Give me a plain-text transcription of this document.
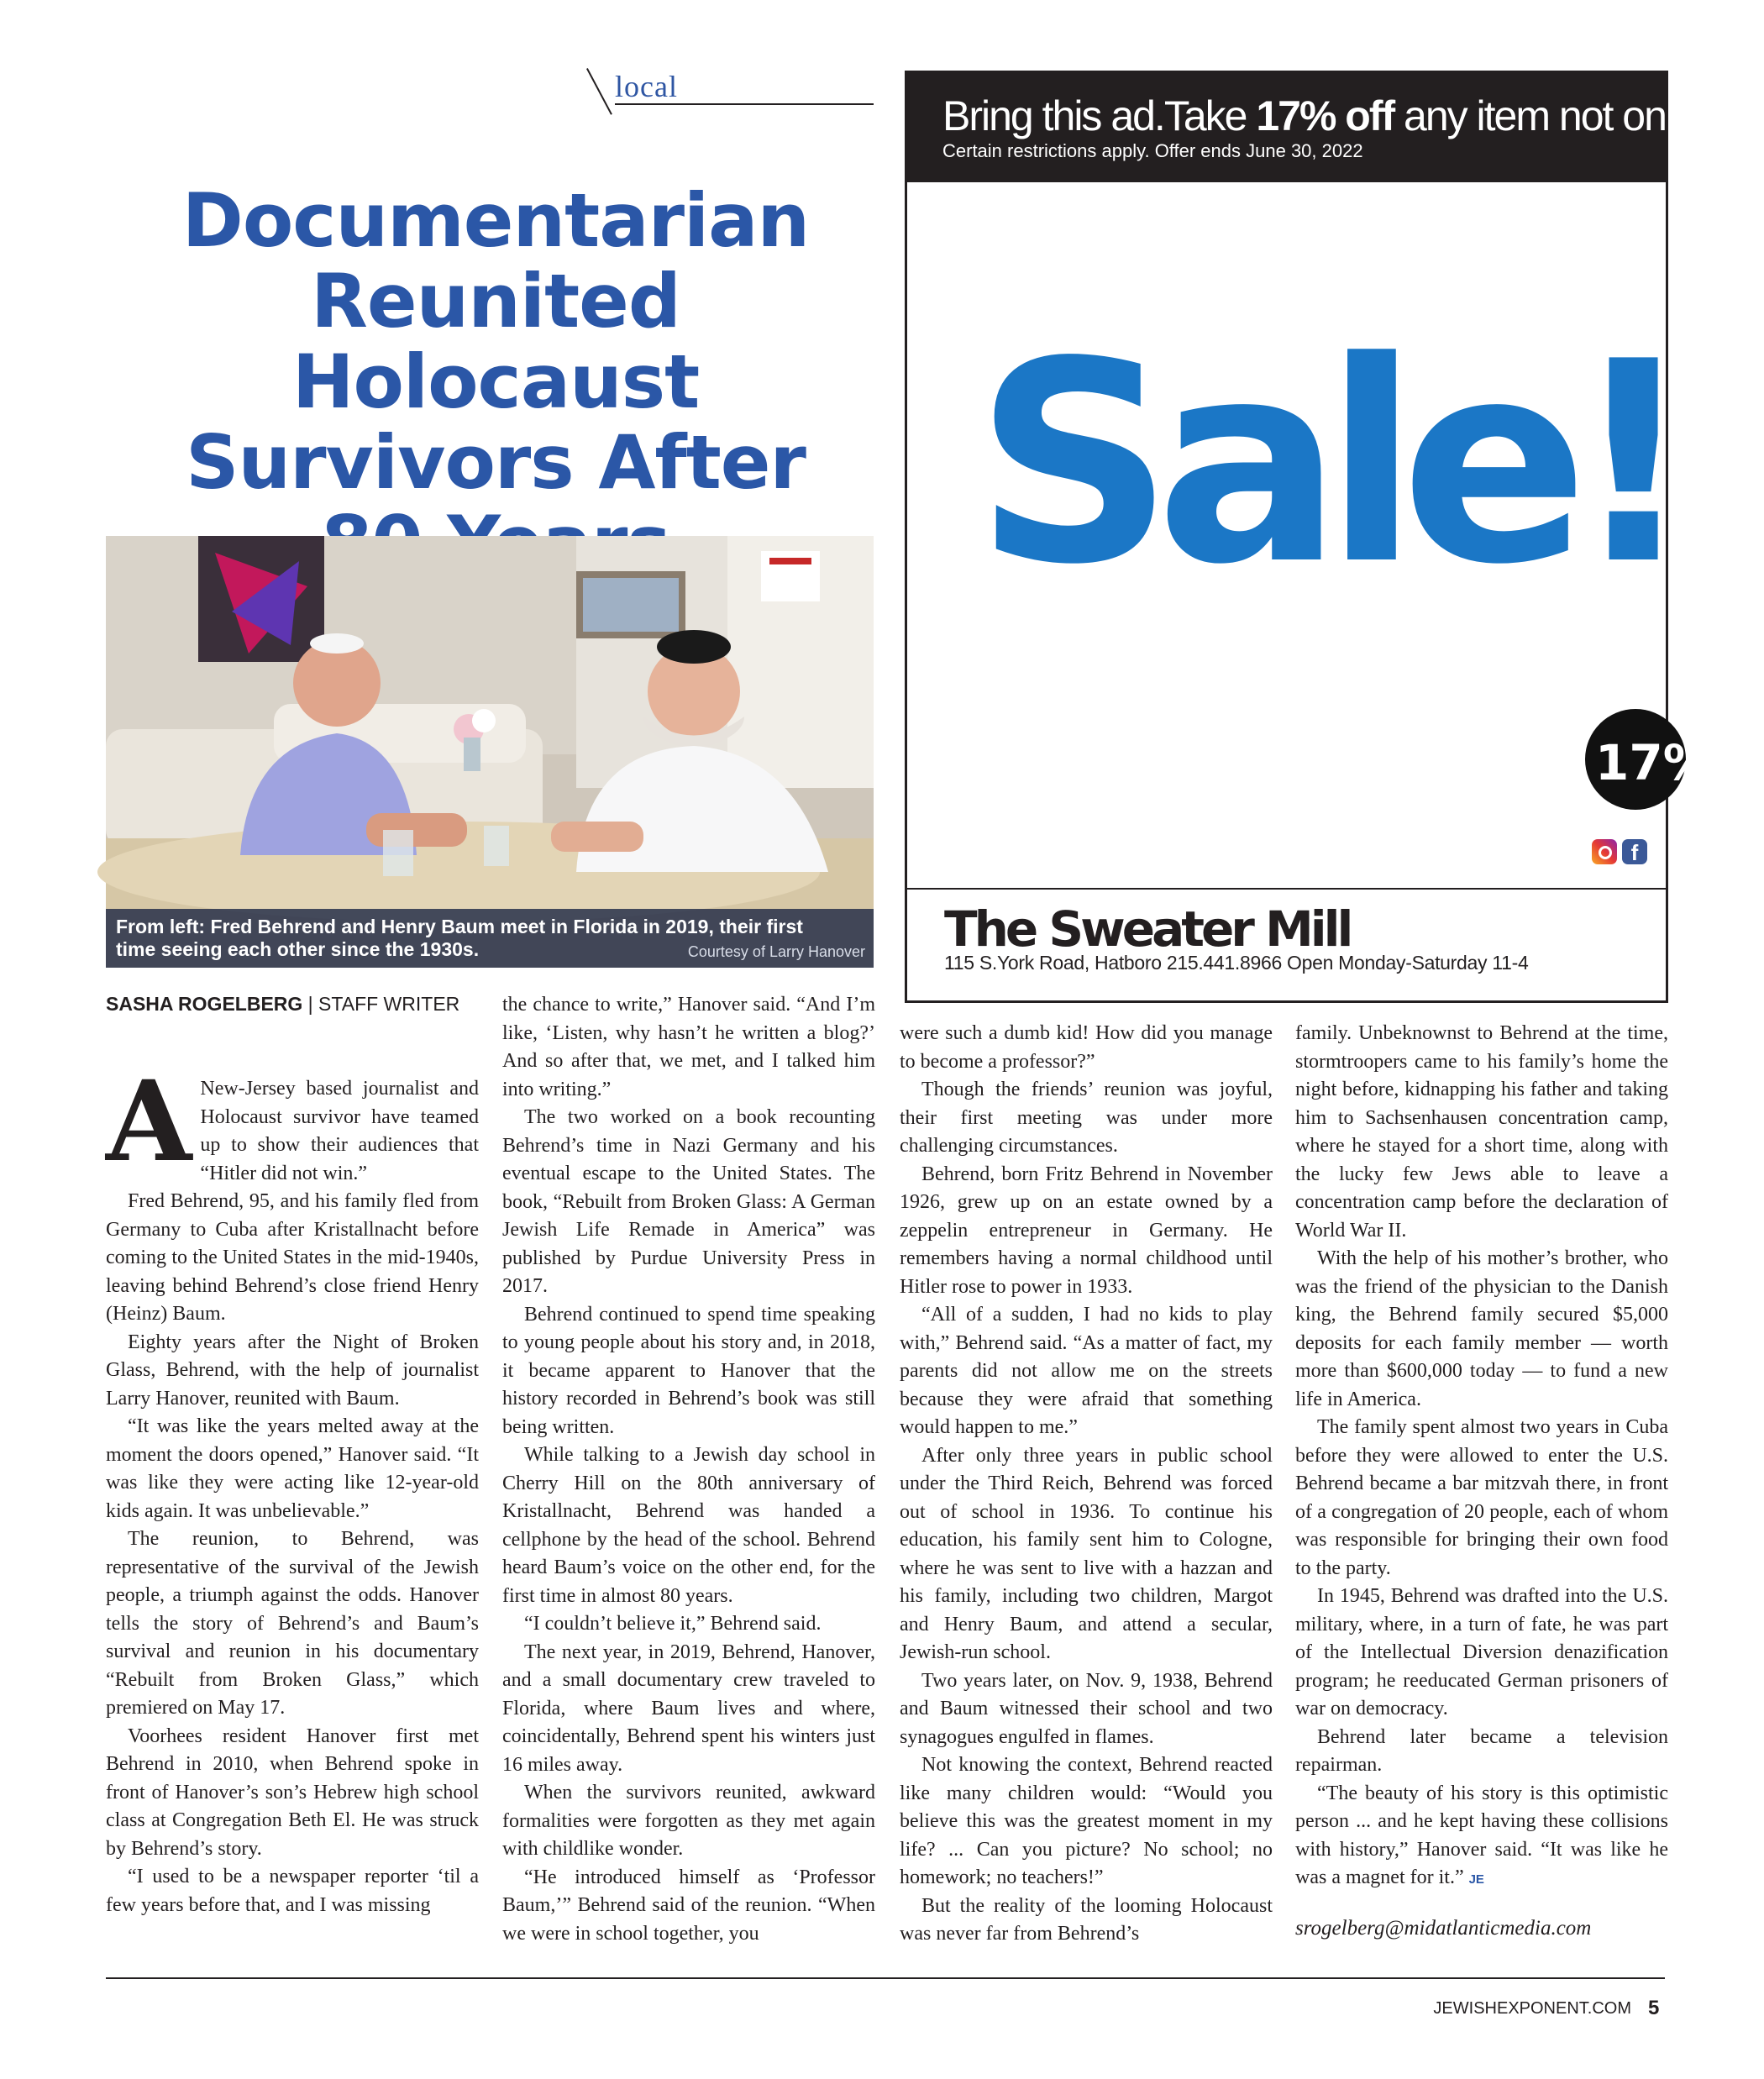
local
Documentarian
Reunited Holocaust
Survivors After
From left: Fred Behrend and Henry Baum meet in Florida in 2019, their first time seeing each other since the 1930s.	Courtesy of Larry Hanover
SASHA ROGELBERG | STAFF WRITER

A New-Jersey based journalist and Holocaust survivor have teamed up to show their audiences that “Hitler did not win.”

Fred Behrend, 95, and his family fled from Germany to Cuba after Kristallnacht before coming to the United States in the mid-1940s, leaving behind Behrend’s close friend Henry (Heinz) Baum.

Eighty years after the Night of Broken Glass, Behrend, with the help of journalist Larry Hanover, reunited with Baum.

“It was like the years melted away at the moment the doors opened,” Hanover said. “It was like they were acting like 12-year-old kids again. It was unbelievable.”

The reunion, to Behrend, was representative of the survival of the Jewish people, a triumph against the odds. Hanover tells the story of Behrend’s and Baum’s survival and reunion in his documentary “Rebuilt from Broken Glass,” which premiered on May 17.

Voorhees resident Hanover first met Behrend in 2010, when Behrend spoke in front of Hanover’s son’s Hebrew high school class at Congregation Beth El. He was struck by Behrend’s story.

“I used to be a newspaper reporter ‘til a few years before that, and I was missing

the chance to write,” Hanover said. “And I’m like, ‘Listen, why hasn’t he written a blog?’ And so after that, we met, and I talked him into writing.”

The two worked on a book recounting Behrend’s time in Nazi Germany and his eventual escape to the United States. The book, “Rebuilt from Broken Glass: A German Jewish Life Remade in America” was published by Purdue University Press in 2017.

Behrend continued to spend time speaking to young people about his story and, in 2018, it became apparent to Hanover that the history recorded in Behrend’s book was still being written.

While talking to a Jewish day school in Cherry Hill on the 80th anniversary of Kristallnacht, Behrend was handed a cellphone by the head of the school. Behrend heard Baum’s voice on the other end, for the first time in almost 80 years.

“I couldn’t believe it,” Behrend said.

The next year, in 2019, Behrend, Hanover, and a small documentary crew traveled to Florida, where Baum lives and where, coincidentally, Behrend spent his winters just 16 miles away.

When the survivors reunited, awkward formalities were forgotten as they met again with childlike wonder.

“He introduced himself as ‘Professor Baum,’” Behrend said of the reunion. “When we were in school together, you

were such a dumb kid! How did you manage to become a professor?”

Though the friends’ reunion was joyful, their first meeting was under more challenging circumstances.

Behrend, born Fritz Behrend in November 1926, grew up on an estate owned by a zeppelin entrepreneur in Germany. He remembers having a normal childhood until Hitler rose to power in 1933.

“All of a sudden, I had no kids to play with,” Behrend said. “As a matter of fact, my parents did not allow me on the streets because they were afraid that something would happen to me.”

After only three years in public school under the Third Reich, Behrend was forced out of school in 1936. To continue his education, his family sent him to Cologne, where he was sent to live with a hazzan and his family, including two children, Margot and Henry Baum, and attend a secular, Jewish-run school.

Two years later, on Nov. 9, 1938, Behrend and Baum witnessed their school and two synagogues engulfed in flames.

Not knowing the context, Behrend reacted like many children would: “Would you believe this was the greatest moment in my life? ... Can you picture? No school; no homework; no teachers!”

But the reality of the looming Holocaust was never far from Behrend’s

family. Unbeknownst to Behrend at the time, stormtroopers came to his family’s home the night before, kidnapping his father and taking him to Sachsenhausen concentration camp, where he stayed for a short time, along with the lucky few Jews able to leave a concentration camp before the declaration of World War II.

With the help of his mother’s brother, who was the friend of the physician to the Danish king, the Behrend family secured $5,000 deposits for each family member — worth more than $600,000 today — to fund a new life in America.

The family spent almost two years in Cuba before they were allowed to enter the U.S. Behrend became a bar mitzvah there, in front of a congregation of 20 people, each of whom was responsible for bringing their own food to the party.

In 1945, Behrend was drafted into the U.S. military, where, in a turn of fate, he was part of the Intellectual Diversion denazification program; he reeducated German prisoners of war on democracy.

Behrend later became a television repairman.

“The beauty of his story is this optimistic person ... and he kept having these collisions with history,” Hanover said. “It was like he was a magnet for it.” JE

srogelberg@midatlanticmedia.com
Bring this ad.Take 17% off any item not on sale.
Certain restrictions apply. Offer ends June 30, 2022
Sale!
17%
f
The Sweater Mill
115 S.York Road, Hatboro 215.441.8966 Open Monday-Saturday 11-4
JEWISHEXPONENT.COM 5
